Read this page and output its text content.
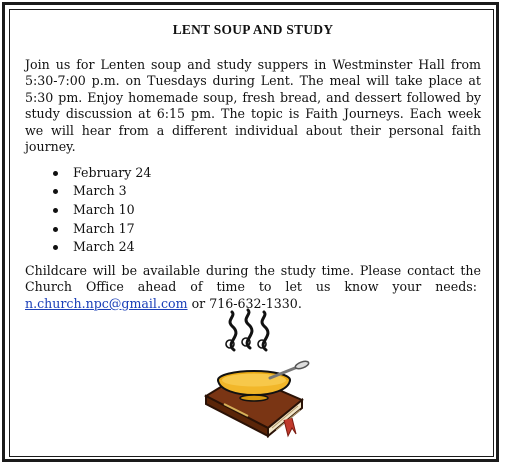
LENT SOUP AND STUDY

Join us for Lenten soup and study suppers in Westminster Hall from 5:30-7:00 p.m. on Tuesdays during Lent. The meal will take place at 5:30 pm. Enjoy homemade soup, fresh bread, and dessert followed by study discussion at 6:15 pm. The topic is Faith Journeys. Each week we will hear from a different individual about their personal faith journey.

February 24
March 3
March 10
March 17
March 24

Childcare will be available during the study time. Please contact the Church Office ahead of time to let us know your needs:  n.church.npc@gmail.com or 716-632-1330.
